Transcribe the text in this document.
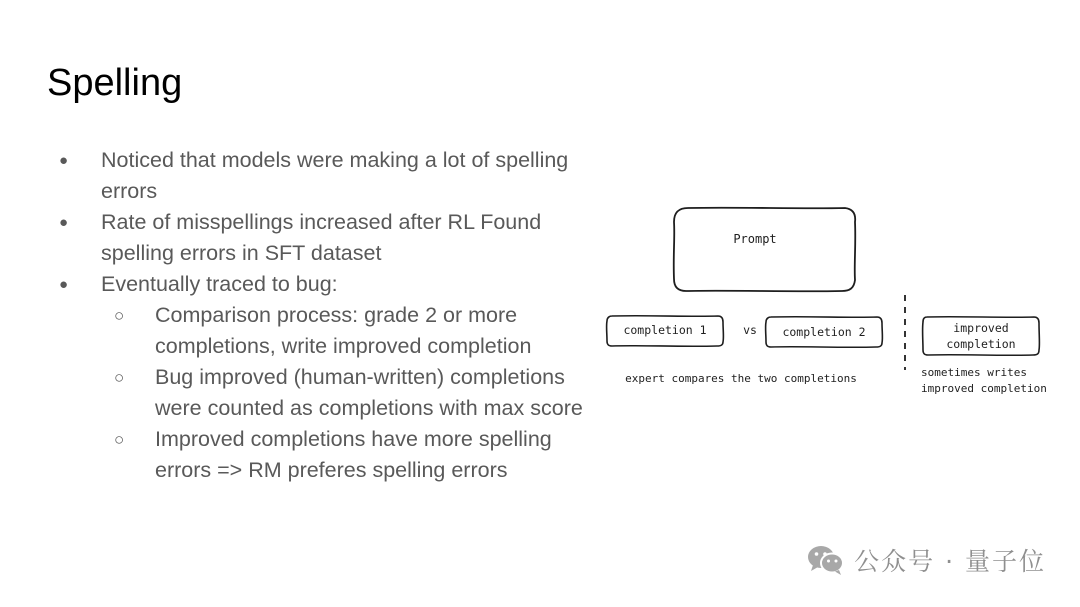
Spelling
● Noticed that models were making a lot of spelling errors
● Rate of misspellings increased after RL Found spelling errors in SFT dataset
● Eventually traced to bug:
○ Comparison process: grade 2 or more completions, write improved completion
○ Bug improved (human-written) completions were counted as completions with max score
○ Improved completions have more spelling errors => RM preferes spelling errors
Prompt
completion 1	vs completion 2	improved
completion
expert compares the two completions	sometimes writes
improved completion
公众号 · 量子位
